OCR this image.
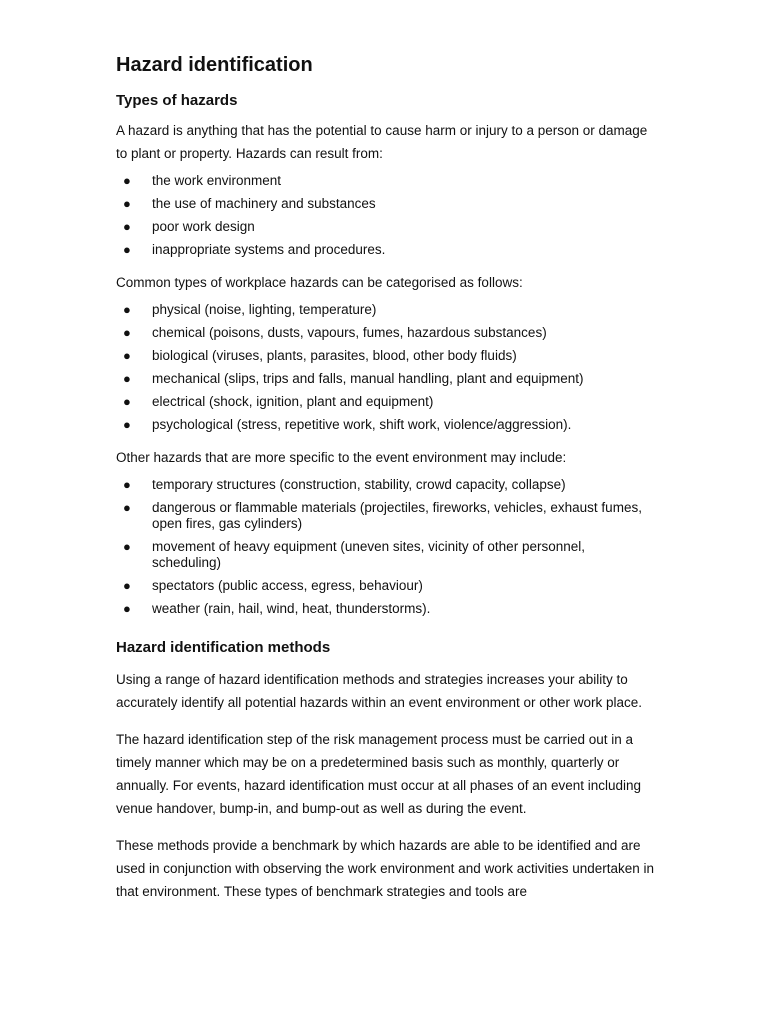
Hazard identification
Types of hazards

A hazard is anything that has the potential to cause harm or injury to a person or damage to plant or property. Hazards can result from:

● the work environment
● the use of machinery and substances
● poor work design
● inappropriate systems and procedures.

Common types of workplace hazards can be categorised as follows:

● physical (noise, lighting, temperature)
● chemical (poisons, dusts, vapours, fumes, hazardous substances)
● biological (viruses, plants, parasites, blood, other body fluids)
● mechanical (slips, trips and falls, manual handling, plant and equipment)
● electrical (shock, ignition, plant and equipment)
● psychological (stress, repetitive work, shift work, violence/aggression).

Other hazards that are more specific to the event environment may include:

● temporary structures (construction, stability, crowd capacity, collapse)
● dangerous or flammable materials (projectiles, fireworks, vehicles, exhaust fumes, open fires, gas cylinders)
● movement of heavy equipment (uneven sites, vicinity of other personnel, scheduling)
● spectators (public access, egress, behaviour)
● weather (rain, hail, wind, heat, thunderstorms).
Hazard identification methods

Using a range of hazard identification methods and strategies increases your ability to accurately identify all potential hazards within an event environment or other work place.

The hazard identification step of the risk management process must be carried out in a timely manner which may be on a predetermined basis such as monthly, quarterly or annually. For events, hazard identification must occur at all phases of an event including venue handover, bump-in, and bump-out as well as during the event.

These methods provide a benchmark by which hazards are able to be identified and are used in conjunction with observing the work environment and work activities undertaken in that environment. These types of benchmark strategies and tools are
